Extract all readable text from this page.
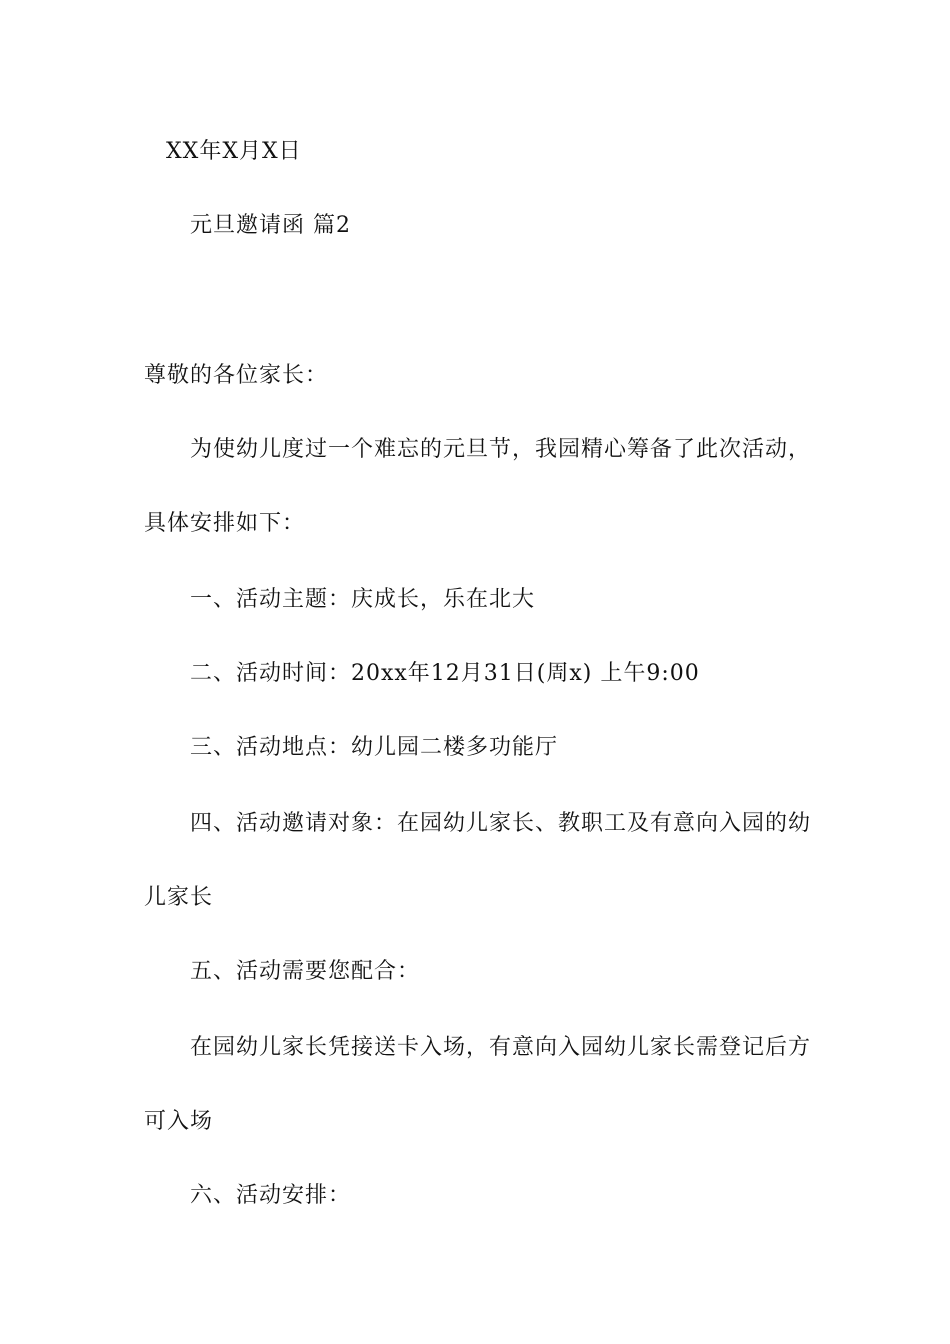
XX年X月X日
元旦邀请函 篇2
尊敬的各位家长：
为使幼儿度过一个难忘的元旦节，我园精心筹备了此次活动，
具体安排如下：
一、活动主题：庆成长，乐在北大
二、活动时间：20xx年12月31日(周x) 上午9:00
三、活动地点：幼儿园二楼多功能厅
四、活动邀请对象：在园幼儿家长、教职工及有意向入园的幼
儿家长
五、活动需要您配合：
在园幼儿家长凭接送卡入场，有意向入园幼儿家长需登记后方
可入场
六、活动安排：
